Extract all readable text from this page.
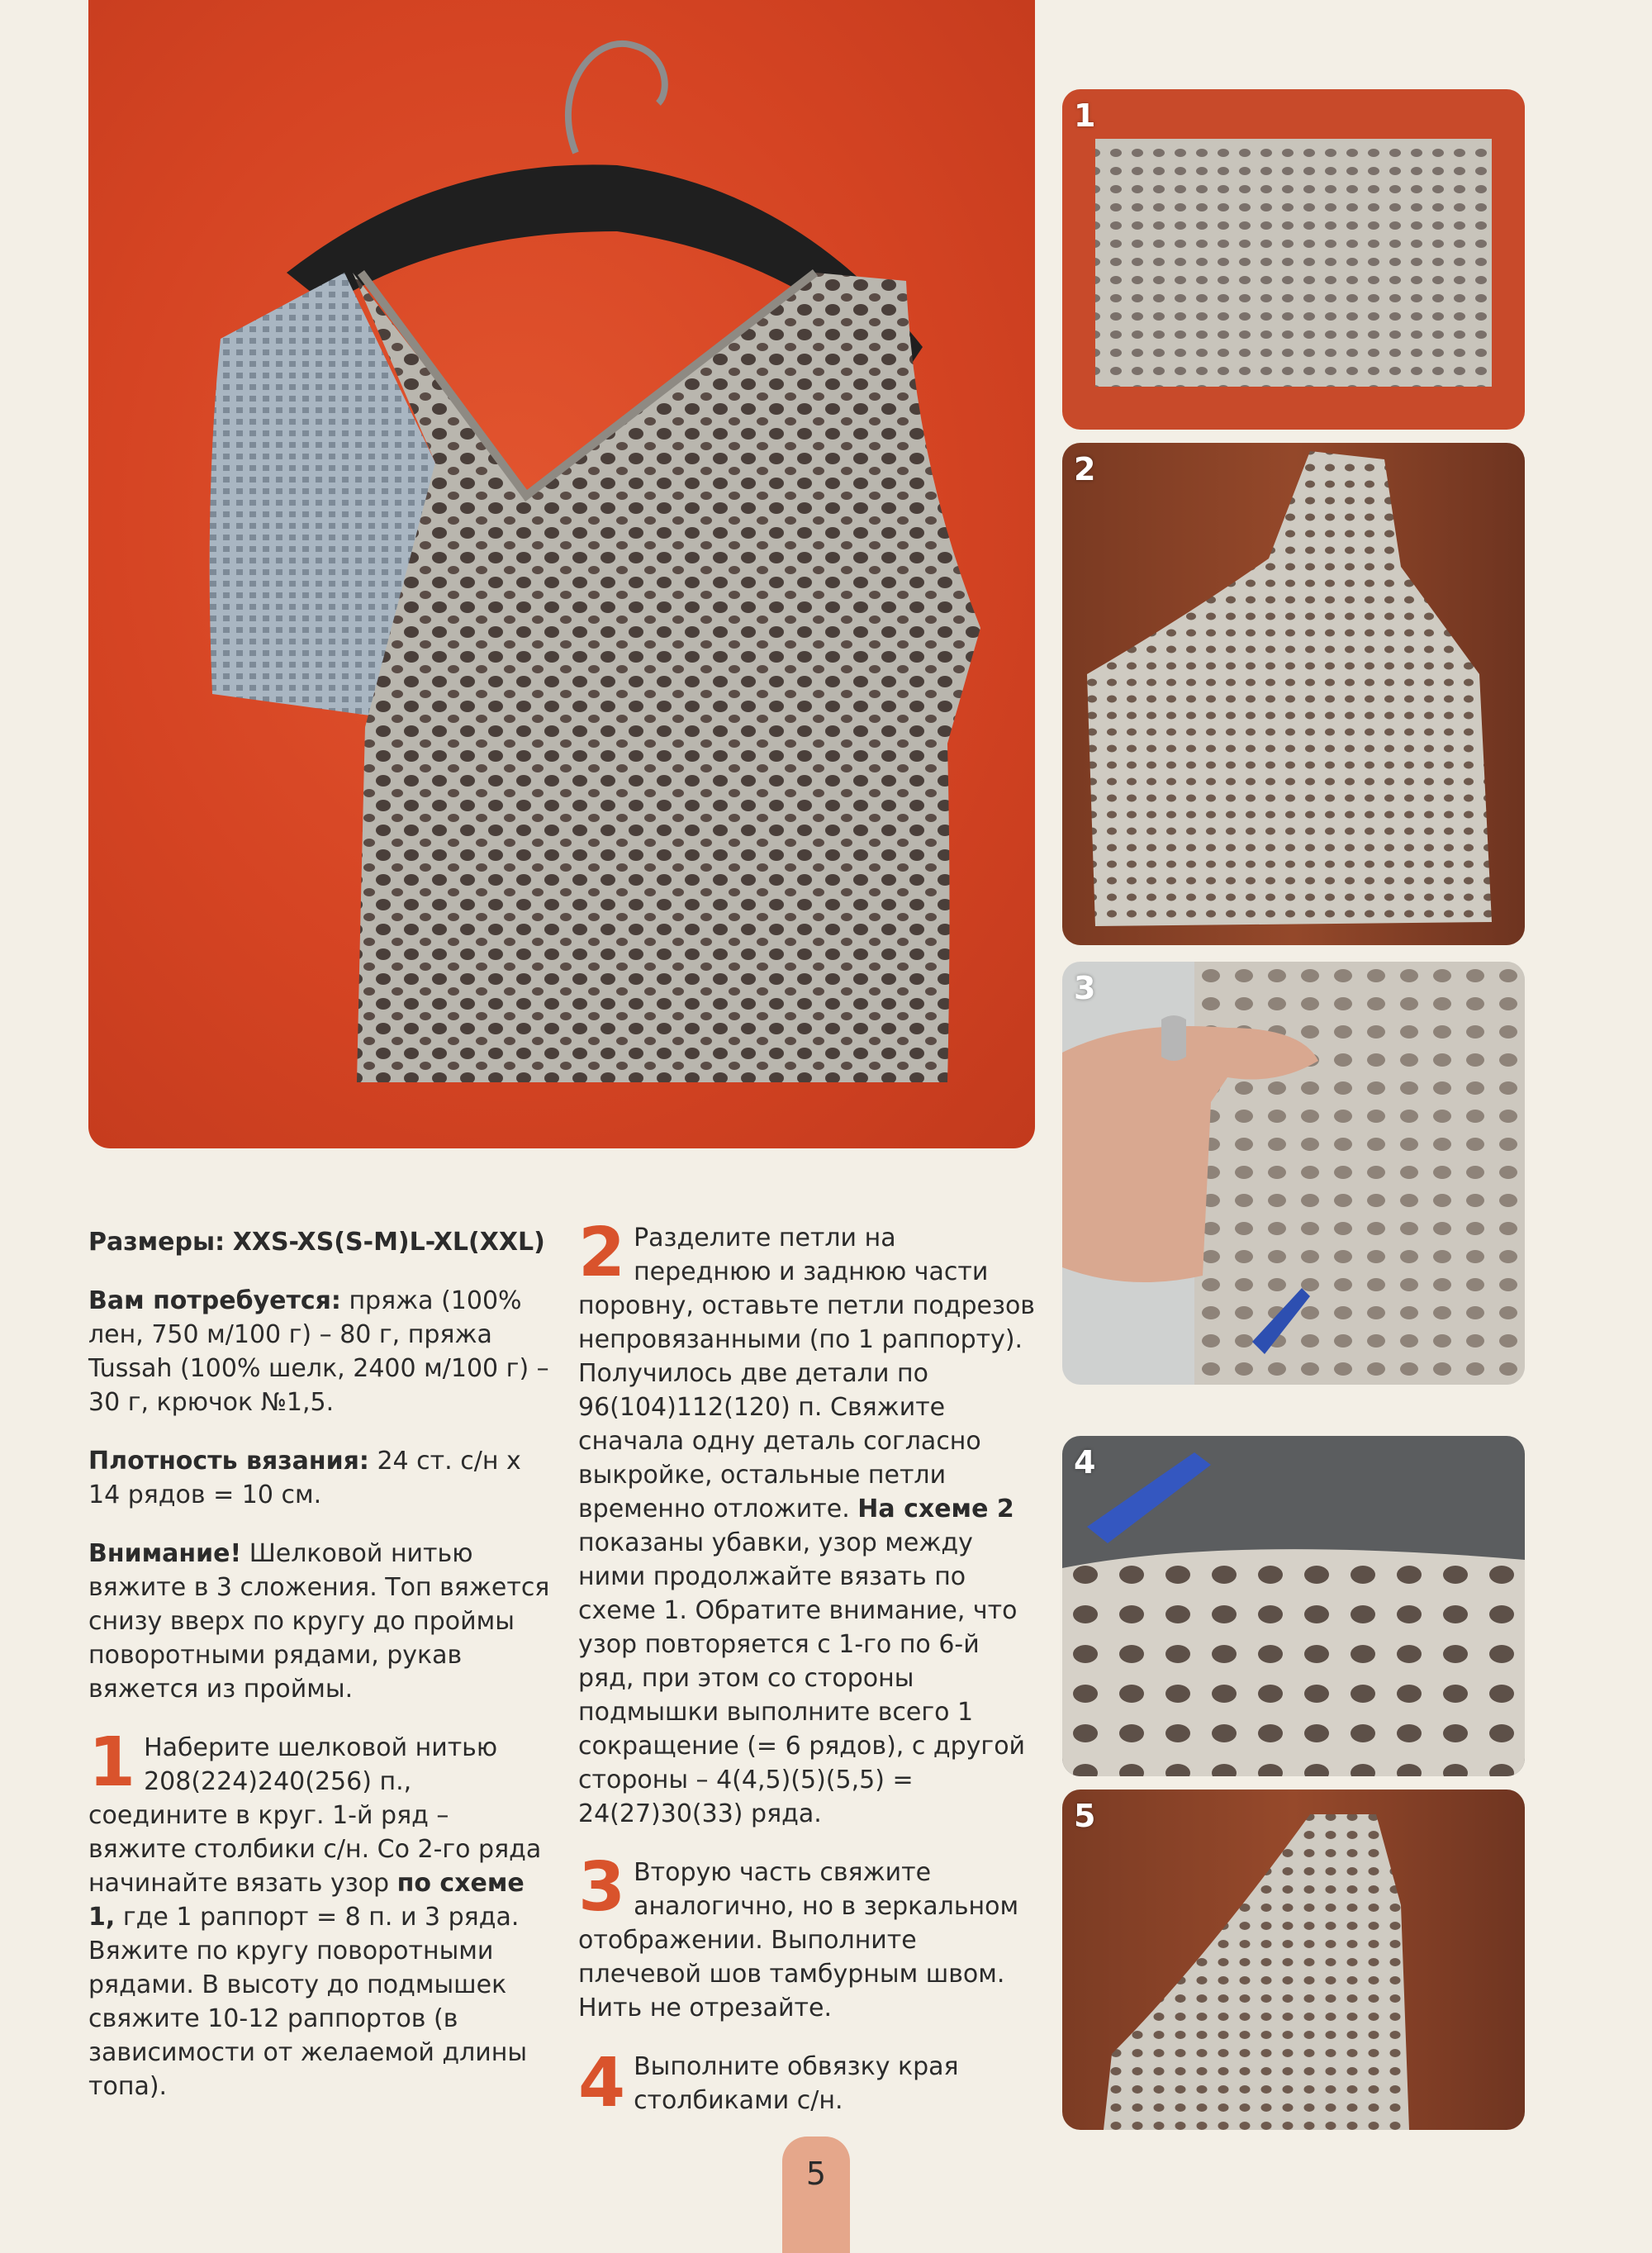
1
2
3
4
5

Размеры: XXS-XS(S-M)L-XL(XXL)

Вам потребуется: пряжа (100% лен, 750 м/100 г) – 80 г, пряжа Tussah (100% шелк, 2400 м/100 г) – 30 г, крючок №1,5.

Плотность вязания: 24 ст. с/н x 14 рядов = 10 см.

Внимание! Шелковой нитью вяжите в 3 сложения. Топ вяжется снизу вверх по кругу до проймы поворотными рядами, рукав вяжется из проймы.

1 Наберите шелковой нитью 208(224)240(256) п., соедините в круг. 1-й ряд – вяжите столбики с/н. Со 2-го ряда начинайте вязать узор по схеме 1, где 1 раппорт = 8 п. и 3 ряда. Вяжите по кругу поворотными рядами. В высоту до подмышек свяжите 10-12 раппортов (в зависимости от желаемой длины топа).
2 Разделите петли на переднюю и заднюю части поровну, оставьте петли подрезов непровязанными (по 1 раппорту). Получилось две детали по 96(104)112(120) п. Свяжите сначала одну деталь согласно выкройке, остальные петли временно отложите. На схеме 2 показаны убавки, узор между ними продолжайте вязать по схеме 1. Обратите внимание, что узор повторяется с 1-го по 6-й ряд, при этом со стороны подмышки выполните всего 1 сокращение (= 6 рядов), с другой стороны – 4(4,5)(5)(5,5) = 24(27)30(33) ряда.
3 Вторую часть свяжите аналогично, но в зеркальном отображении. Выполните плечевой шов тамбурным швом. Нить не отрезайте.
4 Выполните обвязку края столбиками с/н.
5
